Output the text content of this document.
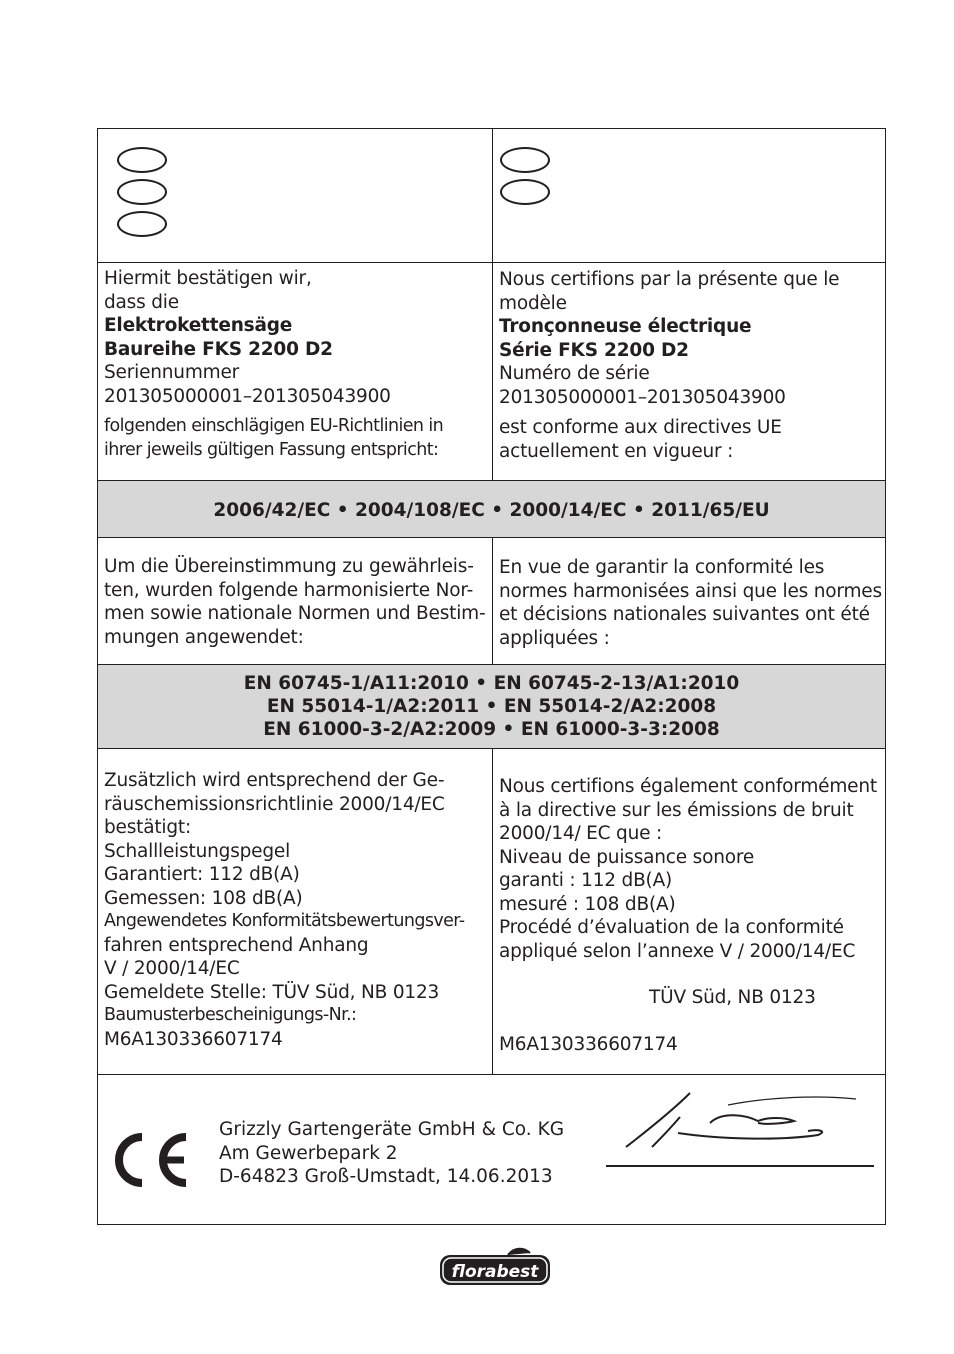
Hiermit bestätigen wir,
dass die
Elektrokettensäge
Baureihe FKS 2200 D2
Seriennummer
201305000001–201305043900
folgenden einschlägigen EU-Richtlinien in
ihrer jeweils gültigen Fassung entspricht:
Nous certifions par la présente que le
modèle
Tronçonneuse électrique
Série FKS 2200 D2
Numéro de série
201305000001–201305043900
est conforme aux directives UE
actuellement en vigueur :
2006/42/EC • 2004/108/EC • 2000/14/EC • 2011/65/EU
Um die Übereinstimmung zu gewährleis-
ten, wurden folgende harmonisierte Nor-
men sowie nationale Normen und Bestim-
mungen angewendet:
En vue de garantir la conformité les
normes harmonisées ainsi que les normes
et décisions nationales suivantes ont été
appliquées :
EN 60745-1/A11:2010 • EN 60745-2-13/A1:2010
EN 55014-1/A2:2011 • EN 55014-2/A2:2008
EN 61000-3-2/A2:2009 • EN 61000-3-3:2008
Zusätzlich wird entsprechend der Ge-
räuschemissionsrichtlinie 2000/14/EC
bestätigt:
Schallleistungspegel
Garantiert: 112 dB(A)
Gemessen: 108 dB(A)
Angewendetes Konformitätsbewertungsver-
fahren entsprechend Anhang
V / 2000/14/EC
Gemeldete Stelle: TÜV Süd, NB 0123
Baumusterbescheinigungs-Nr.:
M6A130336607174
Nous certifions également conformément
à la directive sur les émissions de bruit
2000/14/ EC que :
Niveau de puissance sonore
garanti : 112 dB(A)
mesuré : 108 dB(A)
Procédé d’évaluation de la conformité
appliqué selon l’annexe V / 2000/14/EC
TÜV Süd, NB 0123
M6A130336607174
Grizzly Gartengeräte GmbH & Co. KG
Am Gewerbepark 2
D-64823 Groß-Umstadt, 14.06.2013
florabest
